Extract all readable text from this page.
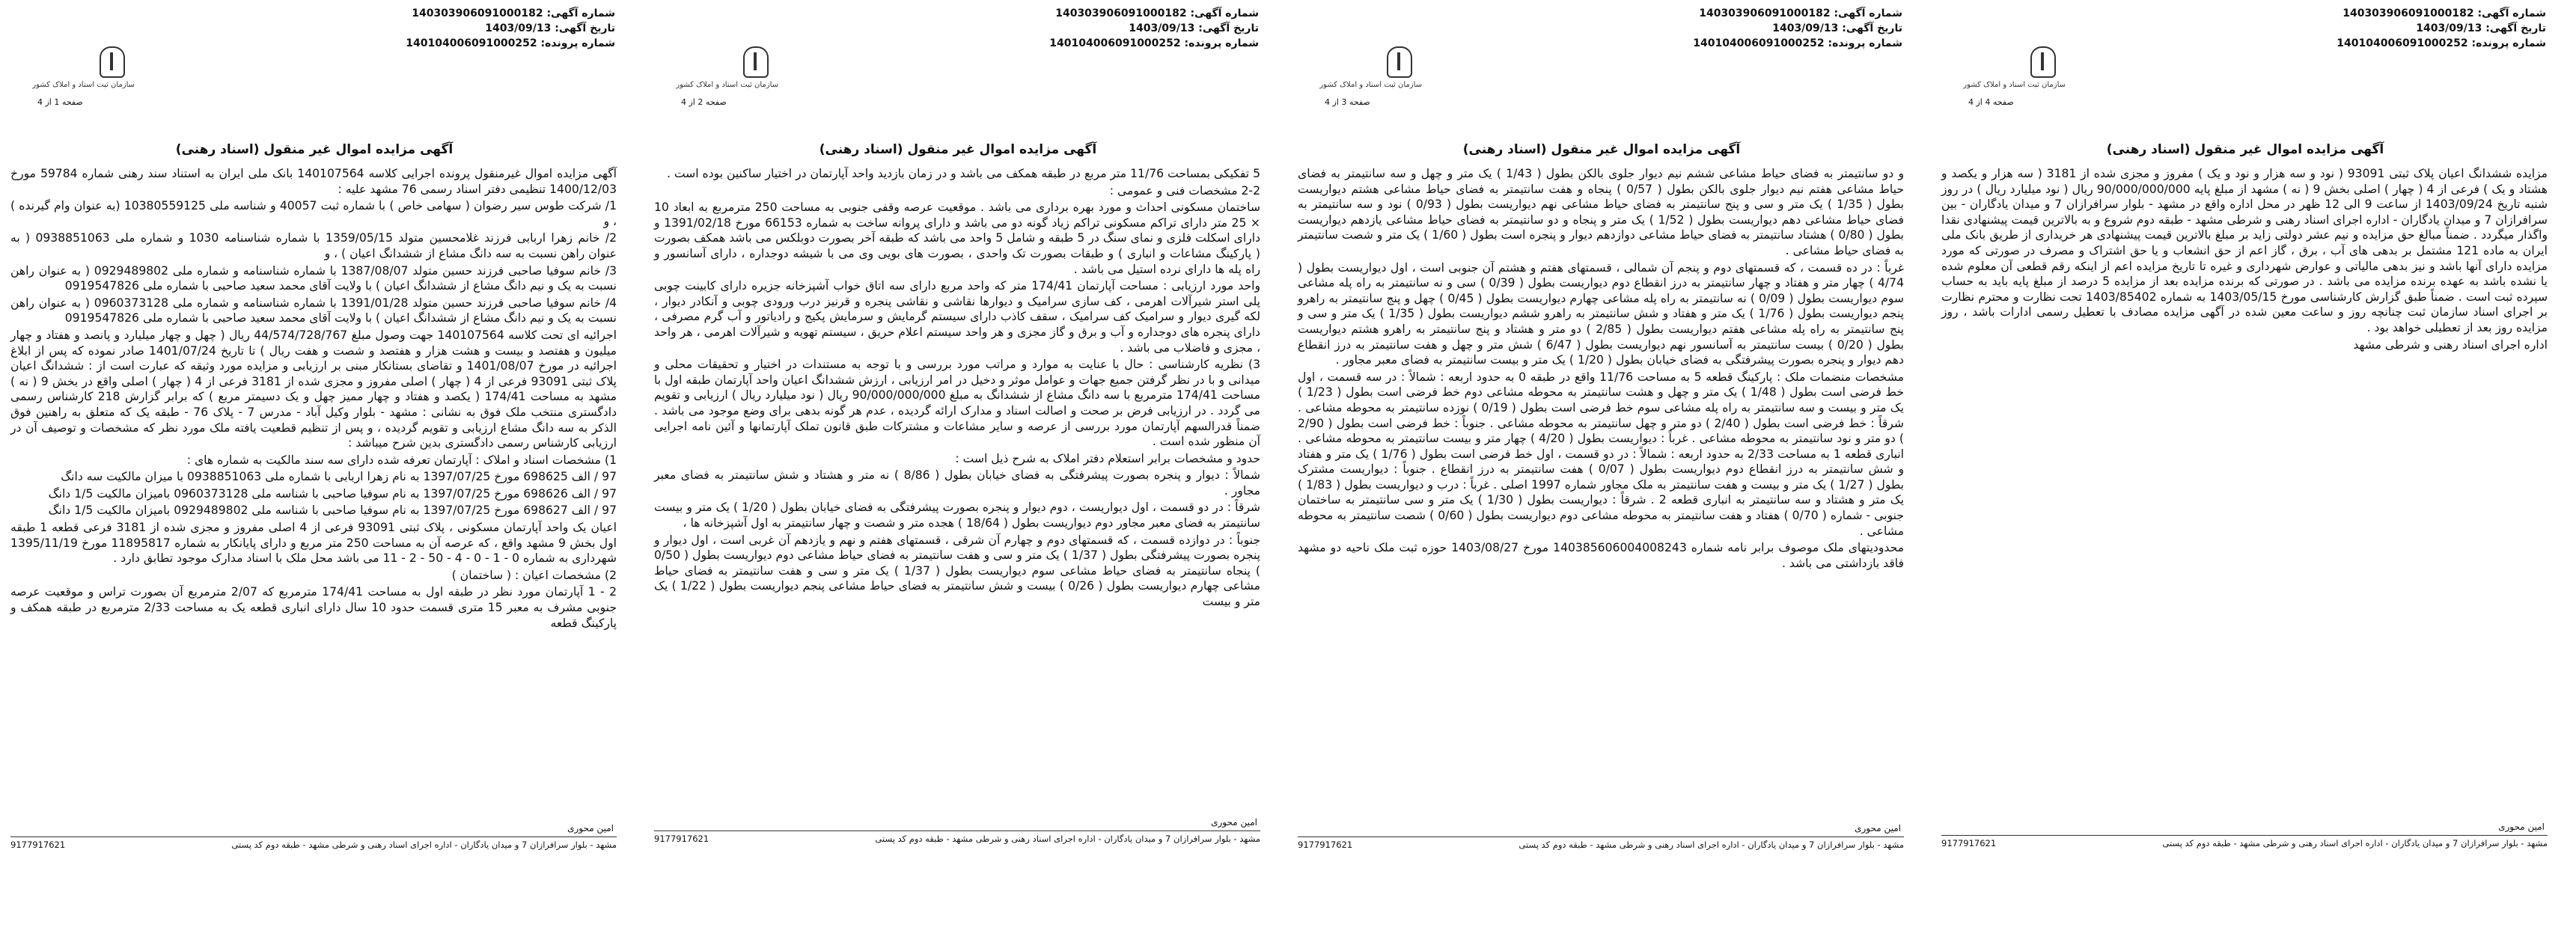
شماره آگهی: 140303906091000182
تاریخ آگهی: 1403/09/13
شماره پرونده: 140104006091000252
سازمان ثبت اسناد و املاک کشور
صفحه 1 از 4
آگهی مزایده اموال غیر منقول (اسناد رهنی)

آگهی مزایده اموال غیرمنقول پرونده اجرایی کلاسه 140107564 بانک ملی ایران به استناد سند رهنی شماره 59784 مورخ 1400/12/03 تنظیمی دفتر اسناد رسمی 76 مشهد علیه :

1/ شرکت طوس سیر رضوان ( سهامی خاص ) با شماره ثبت 40057 و شناسه ملی 10380559125 (به عنوان وام گیرنده ) ، و

2/ خانم زهرا اربابی فرزند غلامحسین متولد 1359/05/15 با شماره شناسنامه 1030 و شماره ملی 0938851063 ( به عنوان راهن نسبت به سه دانگ مشاع از ششدانگ اعیان ) ، و

3/ خانم سوفیا صاحبی فرزند حسین متولد 1387/08/07 با شماره شناسنامه و شماره ملی 0929489802 ( به عنوان راهن نسبت به یک و نیم دانگ مشاع از ششدانگ اعیان ) با ولایت آقای محمد سعید صاحبی با شماره ملی 0919547826

4/ خانم سوفیا صاحبی فرزند حسین متولد 1391/01/28 با شماره شناسنامه و شماره ملی 0960373128 ( به عنوان راهن نسبت به یک و نیم دانگ مشاع از ششدانگ اعیان ) با ولایت آقای محمد سعید صاحبی با شماره ملی 0919547826

اجرائیه ای تحت کلاسه 140107564 جهت وصول مبلغ 44/574/728/767 ریال ( چهل و چهار میلیارد و پانصد و هفتاد و چهار میلیون و هفتصد و بیست و هشت هزار و هفتصد و شصت و هفت ریال ) تا تاریخ 1401/07/24 صادر نموده که پس از ابلاغ اجرائیه در مورخ 1401/08/07 و تقاضای بستانکار مبنی بر ارزیابی و مزایده مورد وثیقه که عبارت است از : ششدانگ اعیان پلاک ثبتی 93091 فرعی از 4 ( چهار ) اصلی مفروز و مجزی شده از 3181 فرعی از 4 ( چهار ) اصلی واقع در بخش 9 ( نه ) مشهد به مساحت 174/41 ( یکصد و هفتاد و چهار ممیز چهل و یک دسیمتر مربع ) که برابر گزارش 218 کارشناس رسمی دادگستری منتخب ملک فوق به نشانی : مشهد - بلوار وکیل آباد - مدرس 7 - پلاک 76 - طبقه یک که متعلق به راهنین فوق الذکر به سه دانگ مشاع ارزیابی و تقویم گردیده ، و پس از تنظیم قطعیت یافته ملک مورد نظر که مشخصات و توصیف آن در ارزیابی کارشناس رسمی دادگستری بدین شرح میباشد :

1) مشخصات اسناد و املاک : آپارتمان تعرفه شده دارای سه سند مالکیت به شماره های :

97 / الف 698625 مورخ 1397/07/25 به نام زهرا اربابی با شماره ملی 0938851063 با میزان مالکیت سه دانگ

97 / الف 698626 مورخ 1397/07/25 به نام سوفیا صاحبی با شناسه ملی 0960373128 بامیزان مالکیت 1/5 دانگ

97 / الف 698627 مورخ 1397/07/25 به نام سوفیا صاحبی با شناسه ملی 0929489802 بامیزان مالکیت 1/5 دانگ

اعیان یک واحد آپارتمان مسکونی ، پلاک ثبتی 93091 فرعی از 4 اصلی مفروز و مجزی شده از 3181 فرعی قطعه 1 طبقه اول بخش 9 مشهد واقع ، که عرصه آن به مساحت 250 متر مربع و دارای پایانکار به شماره 11895817 مورخ 1395/11/19 شهرداری به شماره 0 - 1 - 0 - 4 - 50 - 2 - 11 می باشد محل ملک با اسناد مدارک موجود تطابق دارد .

2) مشخصات اعیان : ( ساختمان )

2 - 1 آپارتمان مورد نظر در طبقه اول به مساحت 174/41 مترمربع که 2/07 مترمربع آن بصورت تراس و موقعیت عرصه جنوبی مشرف به معبر 15 متری قسمت حدود 10 سال دارای انباری قطعه یک به مساحت 2/33 مترمربع در طبقه همکف و پارکینگ قطعه

امین محوری
مشهد - بلوار سرافرازان 7 و میدان یادگاران - اداره اجرای اسناد رهنی و شرطی مشهد - طبقه دوم کد پستی
9177917621
شماره آگهی: 140303906091000182
تاریخ آگهی: 1403/09/13
شماره پرونده: 140104006091000252
سازمان ثبت اسناد و املاک کشور
صفحه 2 از 4
آگهی مزایده اموال غیر منقول (اسناد رهنی)

5 تفکیکی بمساحت 11/76 متر مربع در طبقه همکف می باشد و در زمان بازدید واحد آپارتمان در اختیار ساکنین بوده است .

2-2 مشخصات فنی و عمومی :

ساختمان مسکونی احداث و مورد بهره برداری می باشد . موقعیت عرصه وقفی جنوبی به مساحت 250 مترمربع به ابعاد 10 × 25 متر دارای تراکم مسکونی تراکم زیاد گونه دو می باشد و دارای پروانه ساخت به شماره 66153 مورخ 1391/02/18 و دارای اسکلت فلزی و نمای سنگ در 5 طبقه و شامل 5 واحد می باشد که طبقه آخر بصورت دوبلکس می باشد همکف بصورت ( پارکینگ مشاعات و انباری ) و طبقات بصورت تک واحدی ، بصورت های بویی وی می با شیشه دوجداره ، دارای آسانسور و راه پله ها دارای نرده استیل می باشد .

واحد مورد ارزیابی : مساحت آپارتمان 174/41 متر که واحد مربع دارای سه اتاق خواب آشپزخانه جزیره دارای کابینت چوبی پلی استر شیرآلات اهرمی ، کف سازی سرامیک و دیوارها نقاشی و نقاشی پنجره و قرنیز درب ورودی چوبی و آنکادر دیوار ، لکه گیری دیوار و سرامیک کف سرامیک ، سقف کاذب دارای سیستم گرمایش و سرمایش پکیج و رادیاتور و آب گرم مصرفی ، دارای پنجره های دوجداره و آب و برق و گاز مجزی و هر واحد سیستم اعلام حریق ، سیستم تهویه و شیرآلات اهرمی ، هر واحد ، مجزی و فاضلاب می باشد .

3) نظریه کارشناسی : حال با عنایت به موارد و مراتب مورد بررسی و با توجه به مستندات در اختیار و تحقیقات محلی و میدانی و با در نظر گرفتن جمیع جهات و عوامل موثر و دخیل در امر ارزیابی ، ارزش ششدانگ اعیان واحد آپارتمان طبقه اول با مساحت 174/41 مترمربع با سه دانگ مشاع از ششدانگ به مبلغ 90/000/000/000 ریال ( نود میلیارد ریال ) ارزیابی و تقویم می گردد . در ارزیابی فرض بر صحت و اصالت اسناد و مدارک ارائه گردیده ، عدم هر گونه بدهی برای وضع موجود می باشد . ضمناً قدرالسهم آپارتمان مورد بررسی از عرصه و سایر مشاعات و مشترکات طبق قانون تملک آپارتمانها و آئین نامه اجرایی آن منظور شده است .

حدود و مشخصات برابر استعلام دفتر املاک به شرح ذیل است :

شمالاً : دیوار و پنجره بصورت پیشرفتگی به فضای خیابان بطول ( 8/86 ) نه متر و هشتاد و شش سانتیمتر به فضای معبر مجاور .

شرقاً : در دو قسمت ، اول دیواریست ، دوم دیوار و پنجره بصورت پیشرفتگی به فضای خیابان بطول ( 1/20 ) یک متر و بیست سانتیمتر به فضای معبر مجاور دوم دیواریست بطول ( 18/64 ) هجده متر و شصت و چهار سانتیمتر به اول آشپزخانه ها ،

جنوباً : در دوازده قسمت ، که قسمتهای دوم و چهارم آن شرقی ، قسمتهای هفتم و نهم و یازدهم آن غربی است ، اول دیوار و پنجره بصورت پیشرفتگی بطول ( 1/37 ) یک متر و سی و هفت سانتیمتر به فضای حیاط مشاعی دوم دیواریست بطول ( 0/50 ) پنجاه سانتیمتر به فضای حیاط مشاعی سوم دیواریست بطول ( 1/37 ) یک متر و سی و هفت سانتیمتر به فضای حیاط مشاعی چهارم دیواریست بطول ( 0/26 ) بیست و شش سانتیمتر به فضای حیاط مشاعی پنجم دیواریست بطول ( 1/22 ) یک متر و بیست

امین محوری
مشهد - بلوار سرافرازان 7 و میدان یادگاران - اداره اجرای اسناد رهنی و شرطی مشهد - طبقه دوم کد پستی
9177917621
شماره آگهی: 140303906091000182
تاریخ آگهی: 1403/09/13
شماره پرونده: 140104006091000252
سازمان ثبت اسناد و املاک کشور
صفحه 3 از 4
آگهی مزایده اموال غیر منقول (اسناد رهنی)

و دو سانتیمتر به فضای حیاط مشاعی ششم نیم دیوار جلوی بالکن بطول ( 1/43 ) یک متر و چهل و سه سانتیمتر به فضای حیاط مشاعی هفتم نیم دیوار جلوی بالکن بطول ( 0/57 ) پنجاه و هفت سانتیمتر به فضای حیاط مشاعی هشتم دیواریست بطول ( 1/35 ) یک متر و سی و پنج سانتیمتر به فضای حیاط مشاعی نهم دیواریست بطول ( 0/93 ) نود و سه سانتیمتر به فضای حیاط مشاعی دهم دیواریست بطول ( 1/52 ) یک متر و پنجاه و دو سانتیمتر به فضای حیاط مشاعی یازدهم دیواریست بطول ( 0/80 ) هشتاد سانتیمتر به فضای حیاط مشاعی دوازدهم دیوار و پنجره است بطول ( 1/60 ) یک متر و شصت سانتیمتر به فضای حیاط مشاعی .

غرباً : در ده قسمت ، که قسمتهای دوم و پنجم آن شمالی ، قسمتهای هفتم و هشتم آن جنوبی است ، اول دیواریست بطول ( 4/74 ) چهار متر و هفتاد و چهار سانتیمتر به درز انقطاع دوم دیواریست بطول ( 0/39 ) سی و نه سانتیمتر به راه پله مشاعی سوم دیواریست بطول ( 0/09 ) نه سانتیمتر به راه پله مشاعی چهارم دیواریست بطول ( 0/45 ) چهل و پنج سانتیمتر به راهرو پنجم دیواریست بطول ( 1/76 ) یک متر و هفتاد و شش سانتیمتر به راهرو ششم دیواریست بطول ( 1/35 ) یک متر و سی و پنج سانتیمتر به راه پله مشاعی هفتم دیواریست بطول ( 2/85 ) دو متر و هشتاد و پنج سانتیمتر به راهرو هشتم دیواریست بطول ( 0/20 ) بیست سانتیمتر به آسانسور نهم دیواریست بطول ( 6/47 ) شش متر و چهل و هفت سانتیمتر به درز انقطاع دهم دیوار و پنجره بصورت پیشرفتگی به فضای خیابان بطول ( 1/20 ) یک متر و بیست سانتیمتر به فضای معبر مجاور .

مشخصات منضمات ملک : پارکینگ قطعه 5 به مساحت 11/76 واقع در طبقه 0 به حدود اربعه : شمالاً : در سه قسمت ، اول خط فرضی است بطول ( 1/48 ) یک متر و چهل و هشت سانتیمتر به محوطه مشاعی دوم خط فرضی است بطول ( 1/23 ) یک متر و بیست و سه سانتیمتر به راه پله مشاعی سوم خط فرضی است بطول ( 0/19 ) نوزده سانتیمتر به محوطه مشاعی . شرقاً : خط فرضی است بطول ( 2/40 ) دو متر و چهل سانتیمتر به محوطه مشاعی . جنوباً : خط فرضی است بطول ( 2/90 ) دو متر و نود سانتیمتر به محوطه مشاعی . غرباً : دیواریست بطول ( 4/20 ) چهار متر و بیست سانتیمتر به محوطه مشاعی . انباری قطعه 1 به مساحت 2/33 به حدود اربعه : شمالاً : در دو قسمت ، اول خط فرضی است بطول ( 1/76 ) یک متر و هفتاد و شش سانتیمتر به درز انقطاع دوم دیواریست بطول ( 0/07 ) هفت سانتیمتر به درز انقطاع . جنوباً : دیواریست مشترک بطول ( 1/27 ) یک متر و بیست و هفت سانتیمتر به ملک مجاور شماره 1997 اصلی . غرباً : درب و دیواریست بطول ( 1/83 ) یک متر و هشتاد و سه سانتیمتر به انباری قطعه 2 . شرقاً : دیواریست بطول ( 1/30 ) یک متر و سی سانتیمتر به ساختمان جنوبی - شماره ( 0/70 ) هفتاد و هفت سانتیمتر به محوطه مشاعی دوم دیواریست بطول ( 0/60 ) شصت سانتیمتر به محوطه مشاعی .

محدودیتهای ملک موصوف برابر نامه شماره 140385606004008243 مورخ 1403/08/27 حوزه ثبت ملک ناحیه دو مشهد فاقد بازداشتی می باشد .

امین محوری
مشهد - بلوار سرافرازان 7 و میدان یادگاران - اداره اجرای اسناد رهنی و شرطی مشهد - طبقه دوم کد پستی
9177917621
شماره آگهی: 140303906091000182
تاریخ آگهی: 1403/09/13
شماره پرونده: 140104006091000252
سازمان ثبت اسناد و املاک کشور
صفحه 4 از 4
آگهی مزایده اموال غیر منقول (اسناد رهنی)

مزایده ششدانگ اعیان پلاک ثبتی 93091 ( نود و سه هزار و نود و یک ) مفروز و مجزی شده از 3181 ( سه هزار و یکصد و هشتاد و یک ) فرعی از 4 ( چهار ) اصلی بخش 9 ( نه ) مشهد از مبلغ پایه 90/000/000/000 ریال ( نود میلیارد ریال ) در روز شنبه تاریخ 1403/09/24 از ساعت 9 الی 12 ظهر در محل اداره واقع در مشهد - بلوار سرافرازان 7 و میدان یادگاران - بین سرافرازان 7 و میدان یادگاران - اداره اجرای اسناد رهنی و شرطی مشهد - طبقه دوم شروع و به بالاترین قیمت پیشنهادی نقدا واگذار میگردد . ضمناً مبالغ حق مزایده و نیم عشر دولتی زاید بر مبلغ بالاترین قیمت پیشنهادی هر خریداری از طریق بانک ملی ایران به ماده 121 مشتمل بر بدهی های آب ، برق ، گاز اعم از حق انشعاب و یا حق اشتراک و مصرف در صورتی که مورد مزایده دارای آنها باشد و نیز بدهی مالیاتی و عوارض شهرداری و غیره تا تاریخ مزایده اعم از اینکه رقم قطعی آن معلوم شده یا نشده باشد به عهده برنده مزایده می باشد . در صورتی که برنده مزایده بعد از مزایده 5 درصد از مبلغ پایه باید به حساب سپرده ثبت است . ضمناً طبق گزارش کارشناسی مورخ 1403/05/15 به شماره 1403/85402 تحت نظارت و محترم نظارت بر اجرای اسناد سازمان ثبت چنانچه روز و ساعت معین شده در آگهی مزایده مصادف با تعطیل رسمی ادارات باشد ، روز مزایده روز بعد از تعطیلی خواهد بود .

اداره اجرای اسناد رهنی و شرطی مشهد

امین محوری
مشهد - بلوار سرافرازان 7 و میدان یادگاران - اداره اجرای اسناد رهنی و شرطی مشهد - طبقه دوم کد پستی
9177917621
